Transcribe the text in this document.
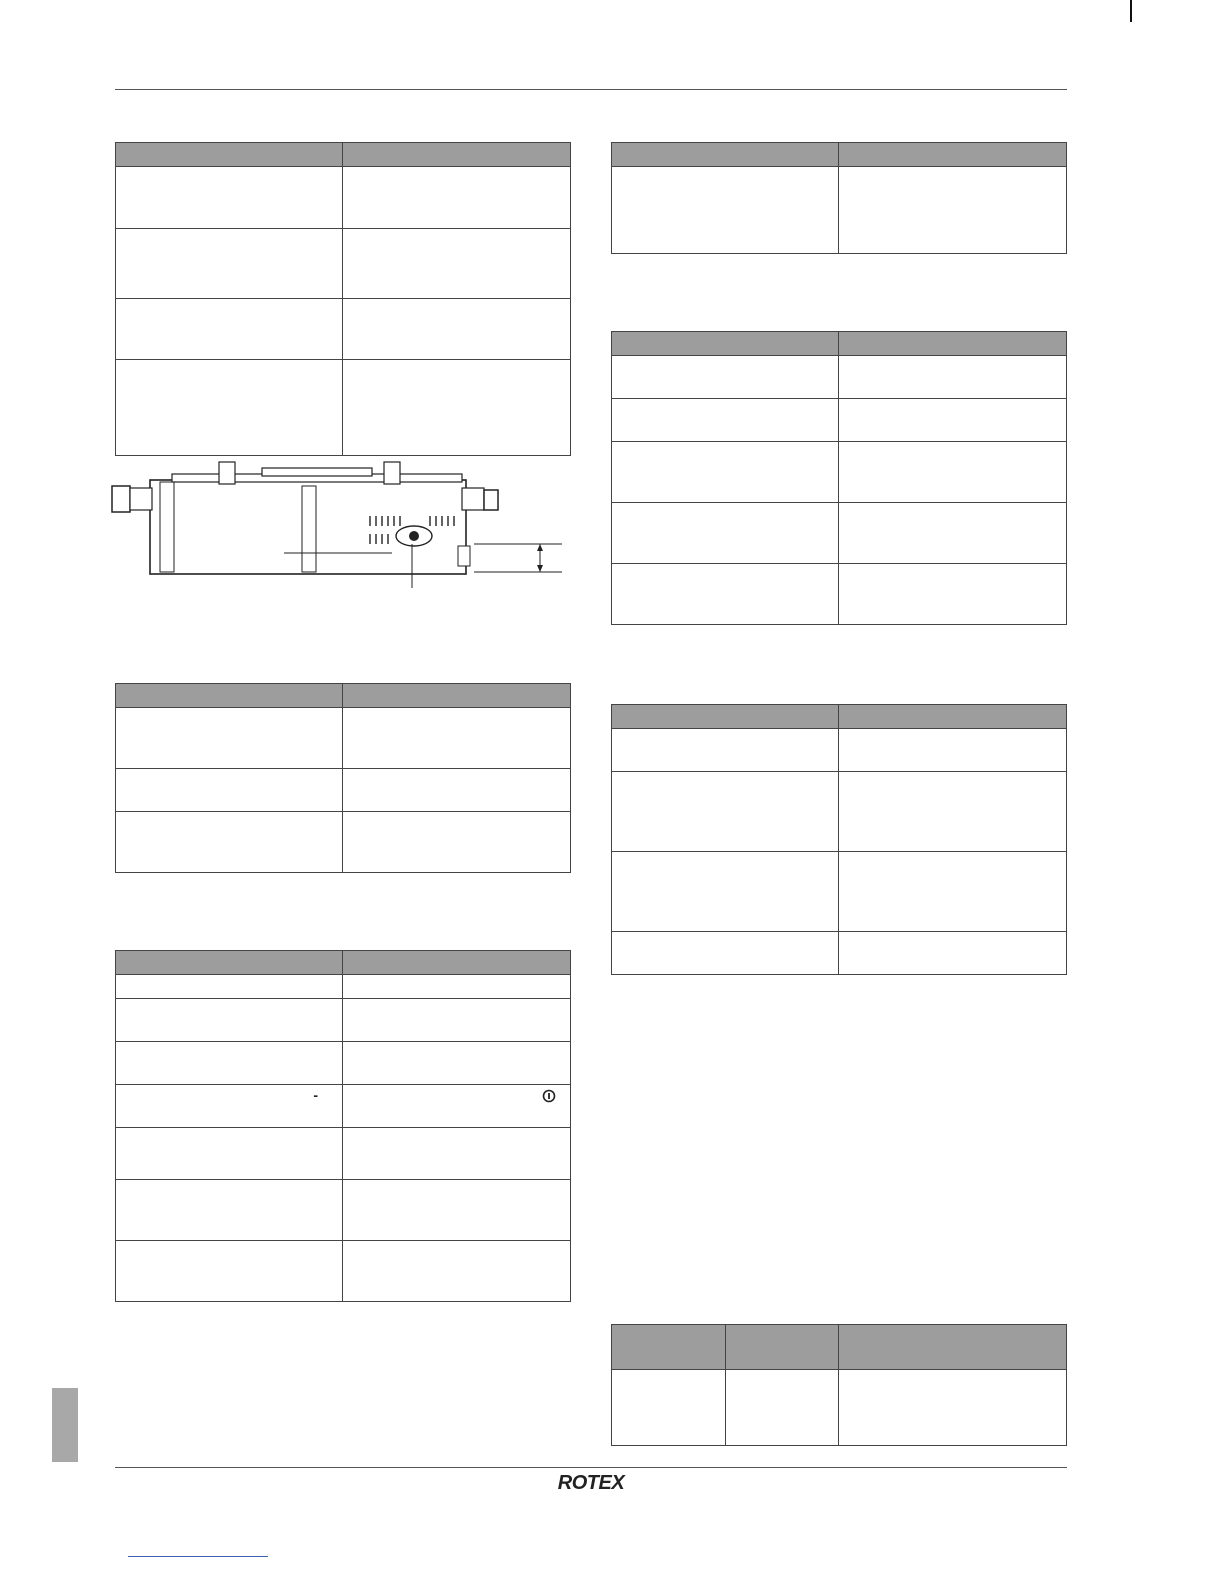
-

ROTEX
